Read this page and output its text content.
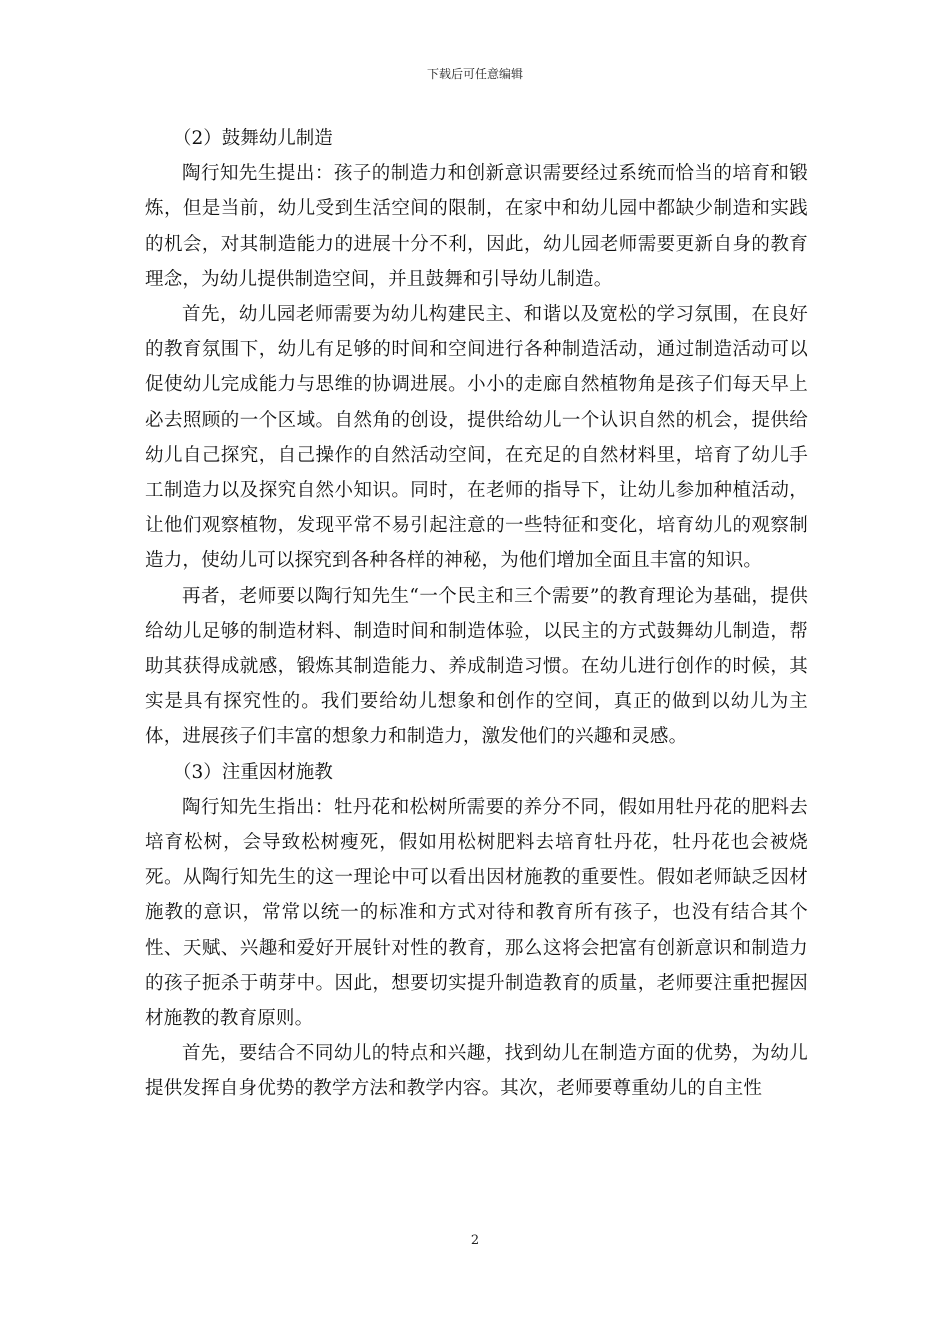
下载后可任意编辑

（2）鼓舞幼儿制造

陶行知先生提出：孩子的制造力和创新意识需要经过系统而恰当的培育和锻炼，但是当前，幼儿受到生活空间的限制，在家中和幼儿园中都缺少制造和实践的机会，对其制造能力的进展十分不利，因此，幼儿园老师需要更新自身的教育理念，为幼儿提供制造空间，并且鼓舞和引导幼儿制造。

首先，幼儿园老师需要为幼儿构建民主、和谐以及宽松的学习氛围，在良好的教育氛围下，幼儿有足够的时间和空间进行各种制造活动，通过制造活动可以促使幼儿完成能力与思维的协调进展。小小的走廊自然植物角是孩子们每天早上必去照顾的一个区域。自然角的创设，提供给幼儿一个认识自然的机会，提供给幼儿自己探究，自己操作的自然活动空间，在充足的自然材料里，培育了幼儿手工制造力以及探究自然小知识。同时，在老师的指导下，让幼儿参加种植活动，让他们观察植物，发现平常不易引起注意的一些特征和变化，培育幼儿的观察制造力，使幼儿可以探究到各种各样的神秘，为他们增加全面且丰富的知识。

再者，老师要以陶行知先生“一个民主和三个需要”的教育理论为基础，提供给幼儿足够的制造材料、制造时间和制造体验，以民主的方式鼓舞幼儿制造，帮助其获得成就感，锻炼其制造能力、养成制造习惯。在幼儿进行创作的时候，其实是具有探究性的。我们要给幼儿想象和创作的空间，真正的做到以幼儿为主体，进展孩子们丰富的想象力和制造力，激发他们的兴趣和灵感。

（3）注重因材施教

陶行知先生指出：牡丹花和松树所需要的养分不同，假如用牡丹花的肥料去培育松树，会导致松树瘦死，假如用松树肥料去培育牡丹花，牡丹花也会被烧死。从陶行知先生的这一理论中可以看出因材施教的重要性。假如老师缺乏因材施教的意识，常常以统一的标准和方式对待和教育所有孩子，也没有结合其个性、天赋、兴趣和爱好开展针对性的教育，那么这将会把富有创新意识和制造力的孩子扼杀于萌芽中。因此，想要切实提升制造教育的质量，老师要注重把握因材施教的教育原则。

首先，要结合不同幼儿的特点和兴趣，找到幼儿在制造方面的优势，为幼儿提供发挥自身优势的教学方法和教学内容。其次，老师要尊重幼儿的自主性

2
